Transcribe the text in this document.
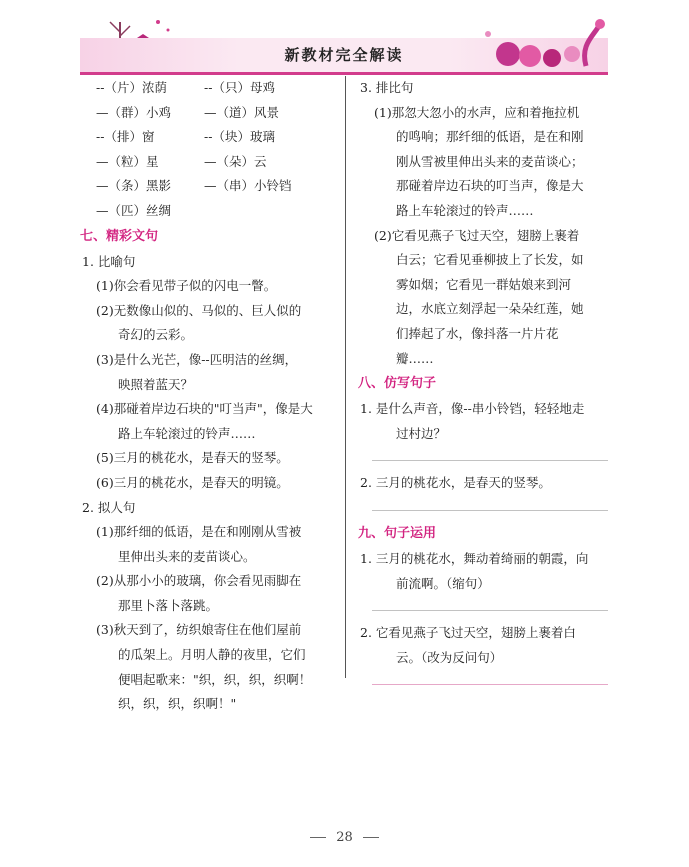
新教材完全解读
--（片）浓荫	--（只）母鸡
—（群）小鸡	—（道）风景
--（排）窗	--（块）玻璃
—（粒）星	—（朵）云
—（条）黑影	—（串）小铃铛
—（匹）丝绸
七、精彩文句
1. 比喻句
(1)你会看见带子似的闪电一瞥。
(2)无数像山似的、马似的、巨人似的
奇幻的云彩。
(3)是什么光芒，像--匹明洁的丝绸，
映照着蓝天？
(4)那碰着岸边石块的"叮当声"，像是大
路上车轮滚过的铃声……
(5)三月的桃花水，是春天的竖琴。
(6)三月的桃花水，是春天的明镜。
2. 拟人句
(1)那纤细的低语，是在和刚刚从雪被
里伸出头来的麦苗谈心。
(2)从那小小的玻璃，你会看见雨脚在
那里卜落卜落跳。
(3)秋天到了，纺织娘寄住在他们屋前
的瓜架上。月明人静的夜里，它们
便唱起歌来："织，织，织，织啊！
织，织，织，织啊！"
3. 排比句
(1)那忽大忽小的水声，应和着拖拉机
的鸣响；那纤细的低语，是在和刚
刚从雪被里伸出头来的麦苗谈心；
那碰着岸边石块的叮当声，像是大
路上车轮滚过的铃声……
(2)它看见燕子飞过天空，翅膀上裹着
白云；它看见垂柳披上了长发，如
雾如烟；它看见一群姑娘来到河
边，水底立刻浮起一朵朵红莲，她
们捧起了水，像抖落一片片花
瓣……
八、仿写句子
1. 是什么声音，像--串小铃铛，轻轻地走
过村边？
2. 三月的桃花水，是春天的竖琴。
九、句子运用
1. 三月的桃花水，舞动着绮丽的朝霞，向
前流啊。（缩句）
2. 它看见燕子飞过天空，翅膀上裹着白
云。（改为反问句）
28
